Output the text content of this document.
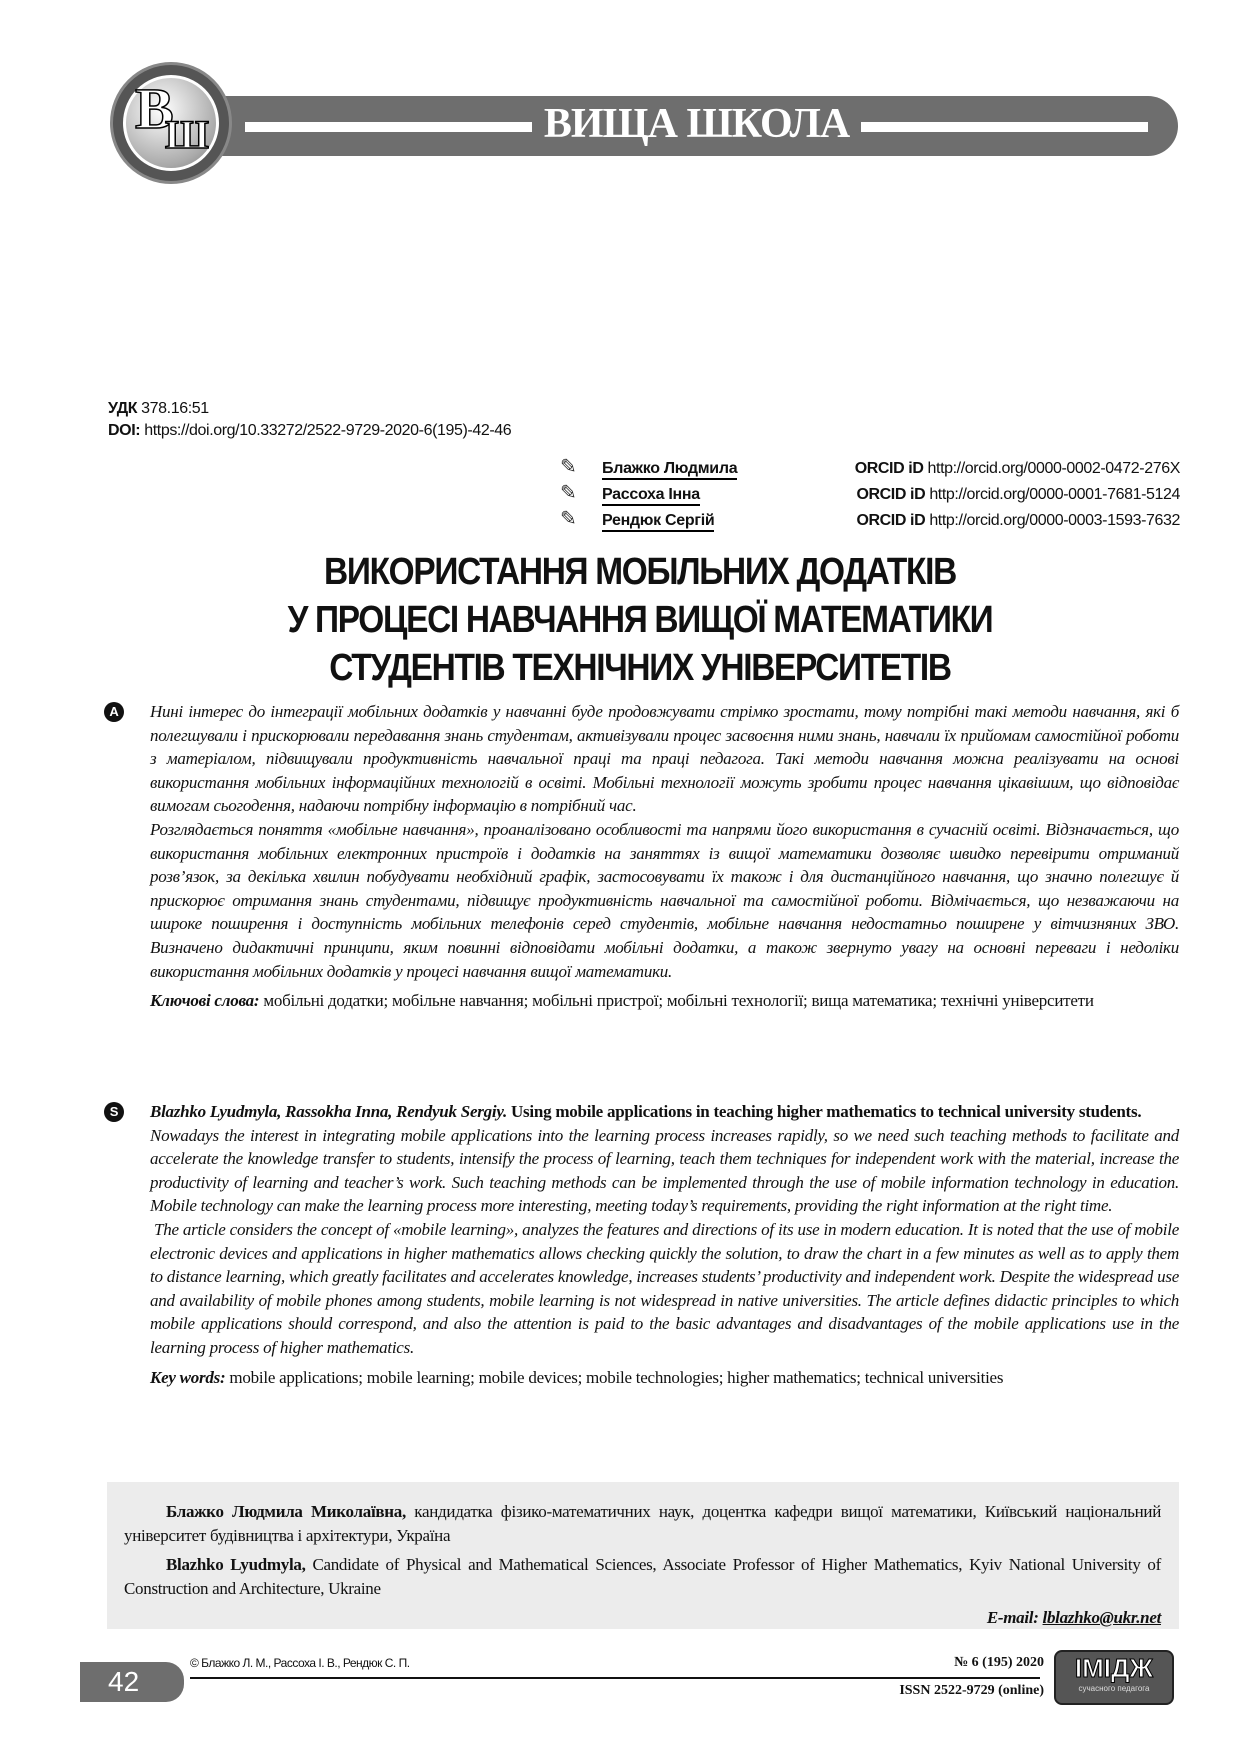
ВИЩА ШКОЛА
В
Ш
УДК 378.16:51
DOI: https://doi.org/10.33272/2522-9729-2020-6(195)-42-46
✎ Блажко Людмила	ORCID iD http://orcid.org/0000-0002-0472-276X
✎ Рассоха Інна	ORCID iD http://orcid.org/0000-0001-7681-5124
✎ Рендюк Сергій	ORCID iD http://orcid.org/0000-0003-1593-7632
ВИКОРИСТАННЯ МОБІЛЬНИХ ДОДАТКІВ
У ПРОЦЕСІ НАВЧАННЯ ВИЩОЇ МАТЕМАТИКИ
СТУДЕНТІВ ТЕХНІЧНИХ УНІВЕРСИТЕТІВ
А	Нині інтерес до інтеграції мобільних додатків у навчанні буде продовжувати стрімко зростати, тому потрібні такі методи навчання, які б полегшували і прискорювали передавання знань студентам, активізували процес засвоєння ними знань, навчали їх прийомам самостійної роботи з матеріалом, підвищували продуктивність навчальної праці та праці педагога. Такі методи навчання можна реалізувати на основі використання мобільних інформаційних технологій в освіті. Мобільні технології можуть зробити процес навчання цікавішим, що відповідає вимогам сьогодення, надаючи потрібну інформацію в потрібний час.

Розглядається поняття «мобільне навчання», проаналізовано особливості та напрями його використання в сучасній освіті. Відзначається, що використання мобільних електронних пристроїв і додатків на заняттях із вищої математики дозволяє швидко перевірити отриманий розв’язок, за декілька хвилин побудувати необхідний графік, застосовувати їх також і для дистанційного навчання, що значно полегшує й прискорює отримання знань студентами, підвищує продуктивність навчальної та самостійної роботи. Відмічається, що незважаючи на широке поширення і доступність мобільних телефонів серед студентів, мобільне навчання недостатньо поширене у вітчизняних ЗВО. Визначено дидактичні принципи, яким повинні відповідати мобільні додатки, а також звернуто увагу на основні переваги і недоліки використання мобільних додатків у процесі навчання вищої математики.

Ключові слова: мобільні додатки; мобільне навчання; мобільні пристрої; мобільні технології; вища математика; технічні університети

S	Blazhko Lyudmyla, Rassokha Inna, Rendyuk Sergiy. Using mobile applications in teaching higher mathematics to technical university students.

Nowadays the interest in integrating mobile applications into the learning process increases rapidly, so we need such teaching methods to facilitate and accelerate the knowledge transfer to students, intensify the process of learning, teach them techniques for independent work with the material, increase the productivity of learning and teacher’s work. Such teaching methods can be implemented through the use of mobile information technology in education. Mobile technology can make the learning process more interesting, meeting today’s requirements, providing the right information at the right time.

The article considers the concept of «mobile learning», analyzes the features and directions of its use in modern education. It is noted that the use of mobile electronic devices and applications in higher mathematics allows checking quickly the solution, to draw the chart in a few minutes as well as to apply them to distance learning, which greatly facilitates and accelerates knowledge, increases students’ productivity and independent work. Despite the widespread use and availability of mobile phones among students, mobile learning is not widespread in native universities. The article defines didactic principles to which mobile applications should correspond, and also the attention is paid to the basic advantages and disadvantages of the mobile applications use in the learning process of higher mathematics.

Key words: mobile applications; mobile learning; mobile devices; mobile technologies; higher mathematics; technical universities

Блажко Людмила Миколаївна, кандидатка фізико-математичних наук, доцентка кафедри вищої математики, Київський національний університет будівництва і архітектури, Україна

Blazhko Lyudmyla, Candidate of Physical and Mathematical Sciences, Associate Professor of Higher Mathematics, Kyiv National University of Construction and Architecture, Ukraine

E-mail: lblazhko@ukr.net

42
© Блажко Л. М., Рассоха І. В., Рендюк С. П.	№ 6 (195) 2020
ISSN 2522-9729 (online)
ІМІДЖ
сучасного педагога
